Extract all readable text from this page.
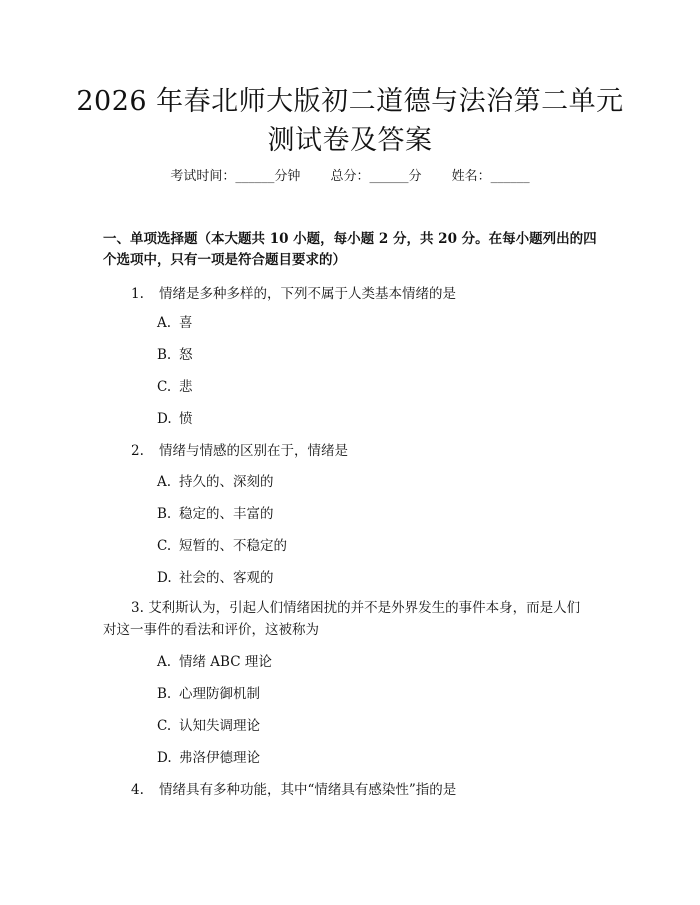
2026 年春北师大版初二道德与法治第二单元
测试卷及答案
考试时间：______分钟 总分：______分 姓名：______
一、单项选择题（本大题共 10 小题，每小题 2 分，共 20 分。在每小题列出的四
个选项中，只有一项是符合题目要求的）
1. 情绪是多种多样的，下列不属于人类基本情绪的是
A. 喜
B. 怒
C. 悲
D. 愤
2. 情绪与情感的区别在于，情绪是
A. 持久的、深刻的
B. 稳定的、丰富的
C. 短暂的、不稳定的
D. 社会的、客观的
3. 艾利斯认为，引起人们情绪困扰的并不是外界发生的事件本身，而是人们
对这一事件的看法和评价，这被称为
A. 情绪 ABC 理论
B. 心理防御机制
C. 认知失调理论
D. 弗洛伊德理论
4. 情绪具有多种功能，其中“情绪具有感染性”指的是
